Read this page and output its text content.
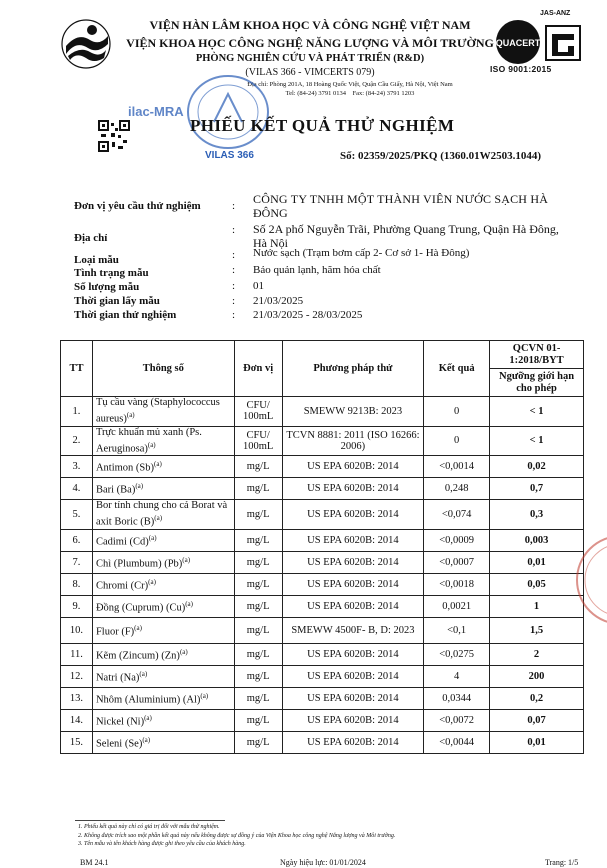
VIỆN HÀN LÂM KHOA HỌC VÀ CÔNG NGHỆ VIỆT NAM
VIỆN KHOA HỌC CÔNG NGHỆ NĂNG LƯỢNG VÀ MÔI TRƯỜNG
PHÒNG NGHIÊN CỨU VÀ PHÁT TRIỂN (R&D)
(VILAS 366 - VIMCERTS 079)
Địa chỉ: Phòng 201A, 18 Hoàng Quốc Việt, Quận Cầu Giấy, Hà Nội, Việt Nam
Tel: (84-24) 3791 0134 Fax: (84-24) 3791 1203
JAS-ANZ
QUACERT
ISO 9001:2015
ilac-MRA
VILAS 366
PHIẾU KẾT QUẢ THỬ NGHIỆM
Số: 02359/2025/PKQ (1360.01W2503.1044)
Đơn vị yêu cầu thử nghiệm	: CÔNG TY TNHH MỘT THÀNH VIÊN NƯỚC SẠCH HÀ
ĐÔNG
Địa chỉ
: Số 2A phố Nguyễn Trãi, Phường Quang Trung, Quận Hà Đông,
Hà Nội
Loại mẫu	: Nước sạch (Trạm bơm cấp 2- Cơ sở 1- Hà Đông)
Tình trạng mẫu	: Bảo quản lạnh, hãm hóa chất
Số lượng mẫu	: 01
Thời gian lấy mẫu	: 21/03/2025
Thời gian thử nghiệm	: 21/03/2025 - 28/03/2025
TT	Thông số	Đơn vị	Phương pháp thử	Kết quả	QCVN 01-1:2018/BYT
					Ngưỡng giới hạn cho phép
1.	Tụ cầu vàng (Staphylococcus aureus)$^{(a)}$	CFU/ 100mL	SMEWW 9213B: 2023	0	< 1
2.	Trực khuẩn mủ xanh (Ps. Aeruginosa)$^{(a)}$	CFU/ 100mL	TCVN 8881: 2011 (ISO 16266: 2006)	0	< 1
3.	Antimon $(Sb)^{(a)}$	mg/L	US EPA 6020B: 2014	<0,0014	0,02
4.	Bari $(Ba)^{(a)}$	mg/L	US EPA 6020B: 2014	0,248	0,7
5.	Bor tính chung cho cả Borat và axit Boric $(B)^{(a)}$	mg/L	US EPA 6020B: 2014	<0,074	0,3
6.	Cadimi $(Cd)^{(a)}$	mg/L	US EPA 6020B: 2014	<0,0009	0,003
7.	Chì (Plumbum) $(Pb)^{(a)}$	mg/L	US EPA 6020B: 2014	<0,0007	0,01
8.	Chromi $(Cr)^{(a)}$	mg/L	US EPA 6020B: 2014	<0,0018	0,05
9.	Đồng (Cuprum) $(Cu)^{(a)}$	mg/L	US EPA 6020B: 2014	0,0021	1
10.	Fluor $(F)^{(a)}$	mg/L	SMEWW 4500F- B, D: 2023	<0,1	1,5
11.	Kẽm (Zincum) $(Zn)^{(a)}$	mg/L	US EPA 6020B: 2014	<0,0275	2
12.	Natri $(Na)^{(a)}$	mg/L	US EPA 6020B: 2014	4	200
13.	Nhôm (Aluminium) $(Al)^{(a)}$	mg/L	US EPA 6020B: 2014	0,0344	0,2
14.	Nickel $(Ni)^{(a)}$	mg/L	US EPA 6020B: 2014	<0,0072	0,07
15.	Seleni $(Se)^{(a)}$	mg/L	US EPA 6020B: 2014	<0,0044	0,01
1. Phiếu kết quả này chỉ có giá trị đối với mẫu thử nghiệm.
2. Không được trích sao một phần kết quả này nếu không được sự đồng ý của Viện Khoa học công nghệ Năng lượng và Môi trường.
3. Tên mẫu và tên khách hàng được ghi theo yêu cầu của khách hàng.
BM 24.1	Ngày hiệu lực: 01/01/2024	Trang: 1/5
